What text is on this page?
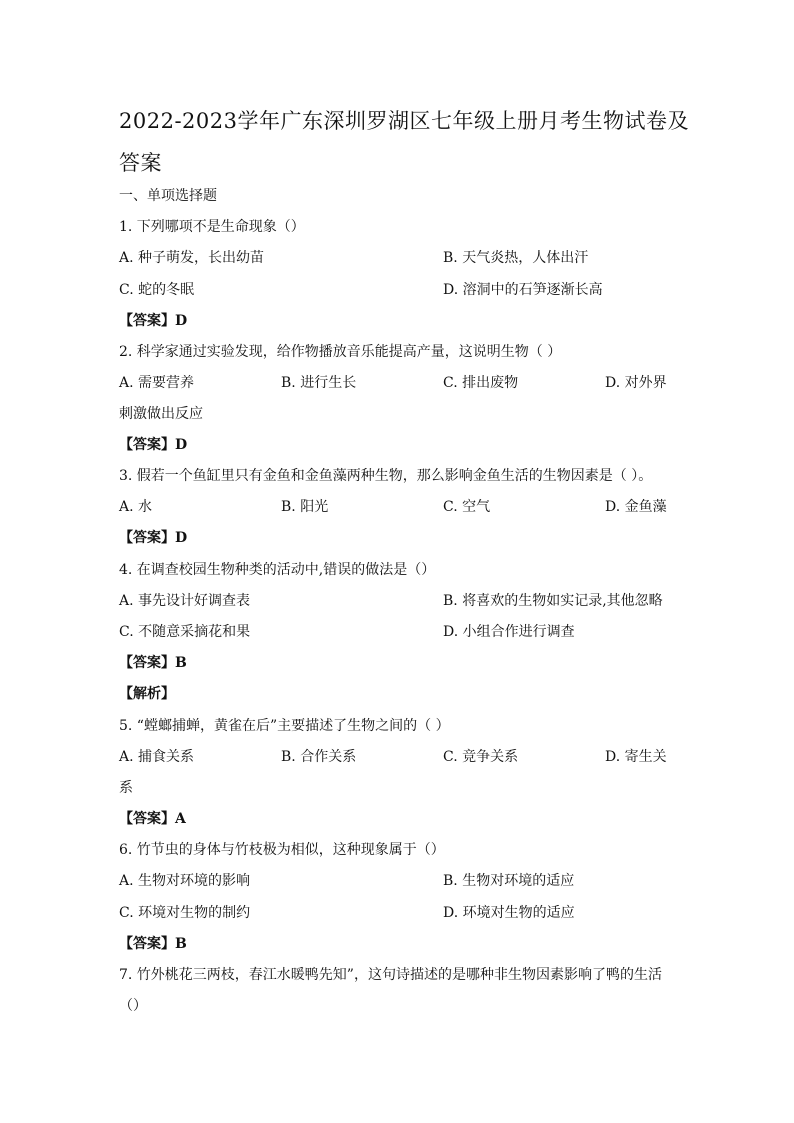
2022-2023学年广东深圳罗湖区七年级上册月考生物试卷及
答案
一、单项选择题
1. 下列哪项不是生命现象（）
A. 种子萌发，长出幼苗	B. 天气炎热，人体出汗
C. 蛇的冬眠	D. 溶洞中的石笋逐渐长高
【答案】D
2. 科学家通过实验发现，给作物播放音乐能提高产量，这说明生物（ ）
A. 需要营养	B. 进行生长	C. 排出废物	D. 对外界
刺激做出反应
【答案】D
3. 假若一个鱼缸里只有金鱼和金鱼藻两种生物，那么影响金鱼生活的生物因素是（ ）。
A. 水	B. 阳光	C. 空气	D. 金鱼藻
【答案】D
4. 在调查校园生物种类的活动中,错误的做法是（）
A. 事先设计好调查表	B. 将喜欢的生物如实记录,其他忽略
C. 不随意采摘花和果	D. 小组合作进行调查
【答案】B
【解析】
5. “螳螂捕蝉，黄雀在后”主要描述了生物之间的（ ）
A. 捕食关系	B. 合作关系	C. 竞争关系	D. 寄生关
系
【答案】A
6. 竹节虫的身体与竹枝极为相似，这种现象属于（）
A. 生物对环境的影响	B. 生物对环境的适应
C. 环境对生物的制约	D. 环境对生物的适应
【答案】B
7. 竹外桃花三两枝，春江水暖鸭先知”，这句诗描述的是哪种非生物因素影响了鸭的生活
（）
